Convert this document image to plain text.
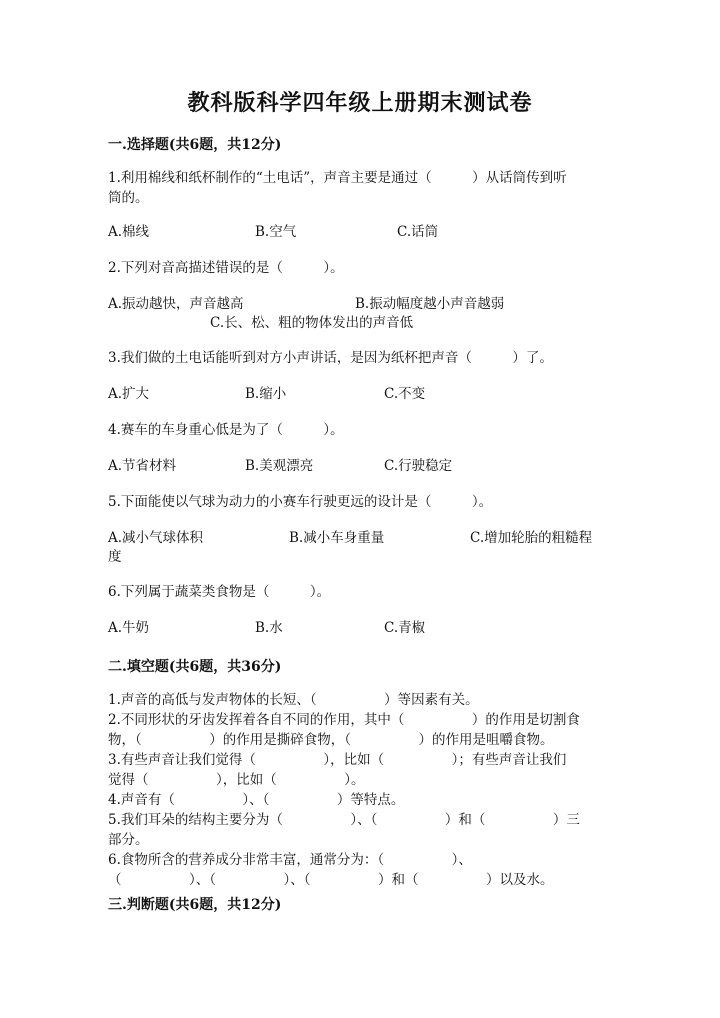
教科版科学四年级上册期末测试卷
一.选择题(共6题，共12分)
1.利用棉线和纸杯制作的“土电话”，声音主要是通过（　　　）从话筒传到听
筒的。
A.棉线	B.空气	C.话筒
2.下列对音高描述错误的是（　　　）。
A.振动越快，声音越高	B.振动幅度越小声音越弱
C.长、松、粗的物体发出的声音低
3.我们做的土电话能听到对方小声讲话，是因为纸杯把声音（　　　）了。
A.扩大	B.缩小	C.不变
4.赛车的车身重心低是为了（　　　）。
A.节省材料	B.美观漂亮	C.行驶稳定
5.下面能使以气球为动力的小赛车行驶更远的设计是（　　　）。
A.减小气球体积	B.减小车身重量	C.增加轮胎的粗糙程
度
6.下列属于蔬菜类食物是（　　　）。
A.牛奶	B.水	C.青椒
二.填空题(共6题，共36分)
1.声音的高低与发声物体的长短、（　　　　　）等因素有关。
2.不同形状的牙齿发挥着各自不同的作用，其中（　　　　　）的作用是切割食
物，（　　　　　）的作用是撕碎食物，（　　　　　）的作用是咀嚼食物。
3.有些声音让我们觉得（　　　　　），比如（　　　　　）；有些声音让我们
觉得（　　　　　），比如（　　　　　）。
4.声音有（　　　　　）、（　　　　　）等特点。
5.我们耳朵的结构主要分为（　　　　　）、（　　　　　）和（　　　　　）三
部分。
6.食物所含的营养成分非常丰富，通常分为：（　　　　　）、
（　　　　　）、（　　　　　）、（　　　　　）和（　　　　　）以及水。
三.判断题(共6题，共12分)
